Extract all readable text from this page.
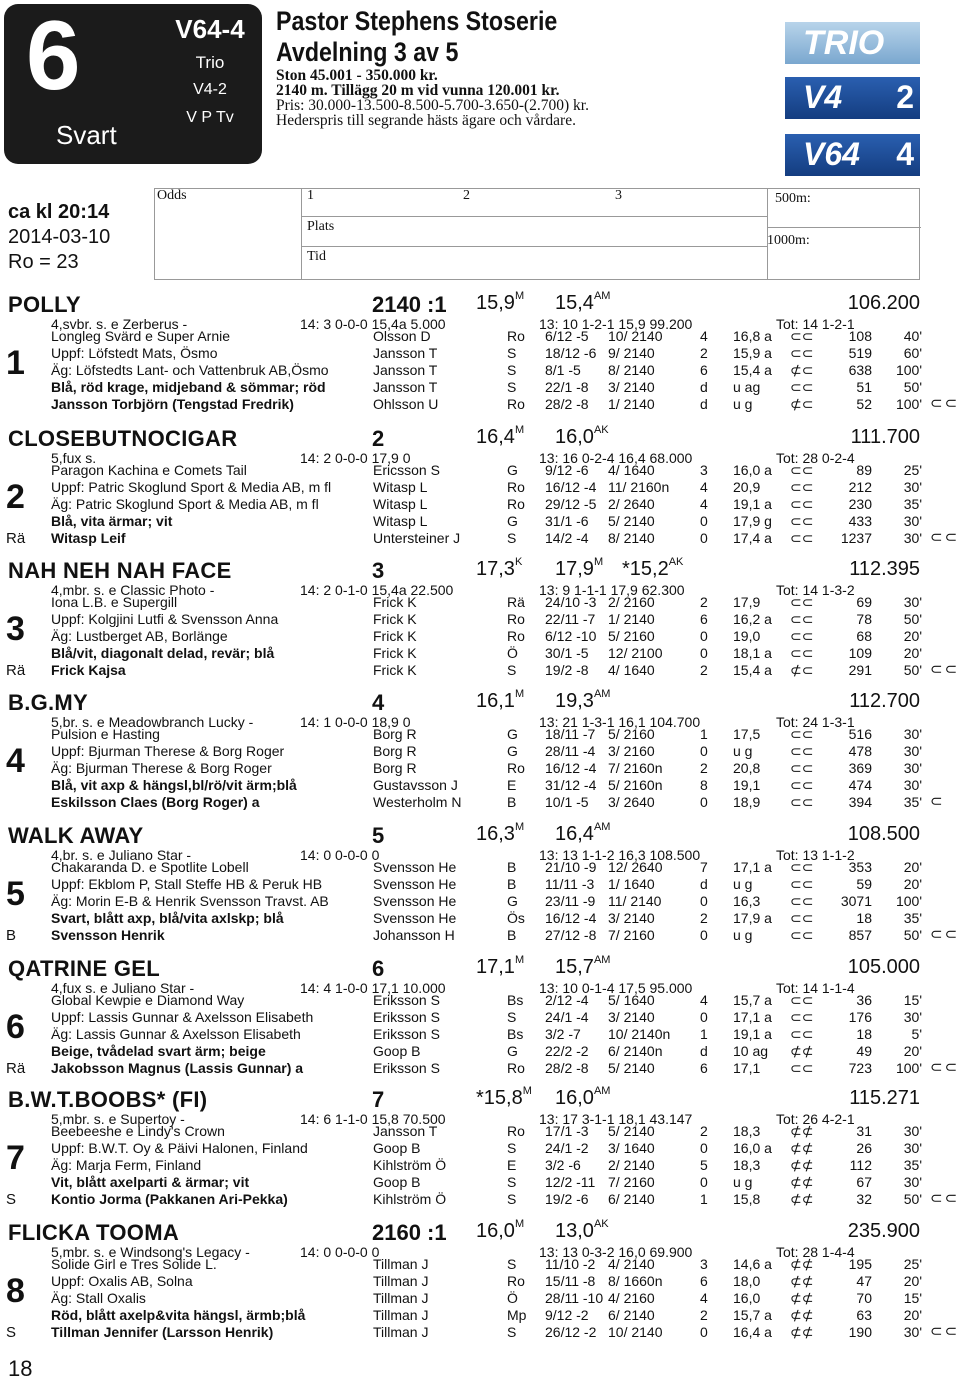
6
Svart
V64-4
Trio
V4-2
V P Tv
Pastor Stephens Stoserie
Avdelning 3 av 5
Ston 45.001 - 350.000 kr.
2140 m. Tillägg 20 m vid vunna 120.001 kr.
Pris: 30.000-13.500-8.500-5.700-3.650-(2.700) kr.
Hederspris till segrande hästs ägare och vårdare.
TRIO
V4 2
V64 4
ca kl 20:14
2014-03-10
Ro = 23
Odds	1	2	3
Plats
Tid
500m:
1000m:
POLLY	2140 :1 $15,9^M$ $15,4^{AM}$	106.200
4,svbr. s. e Zerberus -	14: 3 0-0-0 15,4a 5.000	13: 10 1-2-1 15,9 99.200	Tot: 14 1-2-1
1
⊂⊂
Longleg Svärd e Super Arnie	Olsson D	Ro 6/12 -5 10/ 2140	4 16,8 a ⊂⊂	108	40'
Uppf: Löfstedt Mats, Ösmo	Jansson T	S 18/12 -6 9/ 2140	2 15,9 a ⊂⊂	519	60'
Äg: Löfstedts Lant- och Vattenbruk AB,Ösmo	Jansson T	S 8/1 -5 8/ 2140	6 15,4 a ⊄⊂	638	100'
Blå, röd krage, midjeband & sömmar; röd	Jansson T	S 22/1 -8 3/ 2140	d u ag ⊂⊂	51	50'
Jansson Torbjörn (Tengstad Fredrik)	Ohlsson U	Ro 28/2 -8 1/ 2140	d u g	⊄⊂	52	100'
CLOSEBUTNOCIGAR	2	$16,4^M$ $16,0^{AK}$	111.700
5,fux s.	14: 2 0-0-0 17,9 0	13: 16 0-2-4 16,4 68.000	Tot: 28 0-2-4
2
Rä	⊂⊂
Paragon Kachina e Comets Tail	Ericsson S	G 9/12 -6 4/ 1640	3 16,0 a ⊂⊂	89	25'
Uppf: Patric Skoglund Sport & Media AB, m fl	Witasp L	Ro 16/12 -4 11/ 2160n 4 20,9 ⊂⊂	212	30'
Äg: Patric Skoglund Sport & Media AB, m fl	Witasp L	Ro 29/12 -5 2/ 2640	4 19,1 a ⊂⊂	230	35'
Blå, vita ärmar; vit	Witasp L	G 31/1 -6 5/ 2140	0 17,9 g ⊂⊂	433	30'
Witasp Leif	Untersteiner J	S 14/2 -4 8/ 2140	0 17,4 a ⊂⊂	1237	30'
NAH NEH NAH FACE	3	$17,3^K$ $17,9^M$ $*15,2^{AK}$	112.395
4,mbr. s. e Classic Photo -	14: 2 0-1-0 15,4a 22.500	13: 9 1-1-1 17,9 62.300	Tot: 14 1-3-2
3
Rä	⊂⊂
Iona L.B. e Supergill	Frick K	Rä 24/10 -3 2/ 2160	2 17,9 ⊂⊂	69	30'
Uppf: Kolgjini Lutfi & Svensson Anna	Frick K	Ro 22/11 -7 1/ 2140	6 16,2 a ⊂⊂	78	50'
Äg: Lustberget AB, Borlänge	Frick K	Ro 6/12 -10 5/ 2160	0 19,0 ⊂⊂	68	20'
Blå/vit, diagonalt delad, revär; blå	Frick K	Ö 30/1 -5 12/ 2100	0 18,1 a ⊂⊂	109	20'
Frick Kajsa	Frick K	S 19/2 -8 4/ 1640	2 15,4 a ⊄⊂	291	50'
B.G.MY	4	$16,1^M$ $19,3^{AM}$	112.700
5,br. s. e Meadowbranch Lucky -	14: 1 0-0-0 18,9 0	13: 21 1-3-1 16,1 104.700	Tot: 24 1-3-1
4
⊂
Pulsion e Hasting	Borg R	G 18/11 -7 5/ 2160	1 17,5 ⊂⊂	516	30'
Uppf: Bjurman Therese & Borg Roger	Borg R	G 28/11 -4 3/ 2160	0 u g	⊂⊂	478	30'
Äg: Bjurman Therese & Borg Roger	Borg R	Ro 16/12 -4 7/ 2160n	2 20,8 ⊂⊂	369	30'
Blå, vit axp & hängsl,bl/rö/vit ärm;blå	Gustavsson J	E 31/12 -4 5/ 2160n	8 19,1 ⊂⊂	474	30'
Eskilsson Claes (Borg Roger) a	Westerholm N	B 10/1 -5 3/ 2640	0 18,9 ⊂⊂	394	35'
WALK AWAY	5	$16,3^M$ $16,4^{AM}$	108.500
4,br. s. e Juliano Star -	14: 0 0-0-0 0	13: 13 1-1-2 16,3 108.500	Tot: 13 1-1-2
5
B	⊂⊂
Chakaranda D. e Spotlite Lobell	Svensson He	B 21/10 -9 12/ 2640	7 17,1 a ⊂⊂	353	20'
Uppf: Ekblom P, Stall Steffe HB & Peruk HB	Svensson He	B 11/11 -3 1/ 1640	d u g	⊂⊂	59	20'
Äg: Morin E-B & Henrik Svensson Travst. AB	Svensson He	G 23/11 -9 11/ 2140	0 16,3 ⊂⊂	3071	100'
Svart, blått axp, blå/vita axlskp; blå	Svensson He	Ös 16/12 -4 3/ 2140	2 17,9 a ⊂⊂	18	35'
Svensson Henrik	Johansson H	B 27/12 -8 7/ 2160	0 u g	⊂⊂	857	50'
QATRINE GEL	6	$17,1^M$ $15,7^{AM}$	105.000
4,fux s. e Juliano Star -	14: 4 1-0-0 17,1 10.000	13: 10 0-1-4 17,5 95.000	Tot: 14 1-1-4
6
Rä	⊂⊂
Global Kewpie e Diamond Way	Eriksson S	Bs 2/12 -4 5/ 1640	4 15,7 a ⊂⊂	36	15'
Uppf: Lassis Gunnar & Axelsson Elisabeth	Eriksson S	S 24/1 -4 3/ 2140	0 17,1 a ⊂⊂	176	30'
Äg: Lassis Gunnar & Axelsson Elisabeth	Eriksson S	Bs 3/2 -7 10/ 2140n 1 19,1 a ⊂⊂	18	5'
Beige, tvådelad svart ärm; beige	Goop B	G 22/2 -2 6/ 2140n	d 10 ag ⊄⊄	49	20'
Jakobsson Magnus (Lassis Gunnar) a	Eriksson S	Ro 28/2 -8 5/ 2140	6 17,1 ⊂⊂	723	100'
B.W.T.BOOBS* (FI)	7	$*15,8^M$ $16,0^{AM}$	115.271
5,mbr. s. e Supertoy -	14: 6 1-1-0 15,8 70.500	13: 17 3-1-1 18,1 43.147	Tot: 26 4-2-1
7
S	⊂⊂
Beebeeshe e Lindy's Crown	Jansson T	Ro 17/1 -3 5/ 2140	2 18,3 ⊄⊄	31	30'
Uppf: B.W.T. Oy & Päivi Halonen, Finland	Goop B	S 24/1 -2 3/ 1640	0 16,0 a ⊄⊄	26	30'
Äg: Marja Ferm, Finland	Kihlström Ö	E 3/2 -6 2/ 2140	5 18,3 ⊄⊄	112	35'
Vit, blått axelparti & ärmar; vit	Goop B	S 12/2 -11 7/ 2160	0 u g	⊄⊄	67	30'
Kontio Jorma (Pakkanen Ari-Pekka)	Kihlström Ö	S 19/2 -6 6/ 2140	1 15,8 ⊄⊄	32	50'
FLICKA TOOMA	2160 :1 $16,0^M$ $13,0^{AK}$	235.900
5,mbr. s. e Windsong's Legacy -	14: 0 0-0-0 0	13: 13 0-3-2 16,0 69.900	Tot: 28 1-4-4
8
S	⊂⊂
Solide Girl e Tres Solide L.	Tillman J	S 11/10 -2 4/ 2140	3 14,6 a ⊄⊄	195	25'
Uppf: Oxalis AB, Solna	Tillman J	Ro 15/11 -8 8/ 1660n	6 18,0 ⊄⊄	47	20'
Äg: Stall Oxalis	Tillman J	Ö 28/11 -10 4/ 2160	4 16,0 ⊄⊄	70	15'
Röd, blått axelp&vita hängsl, ärmb;blå	Tillman J	Mp 9/12 -2 6/ 2140	2 15,7 a ⊄⊄	63	20'
Tillman Jennifer (Larsson Henrik)	Tillman J	S 26/12 -2 10/ 2140	0 16,4 a ⊄⊄	190	30'
18
